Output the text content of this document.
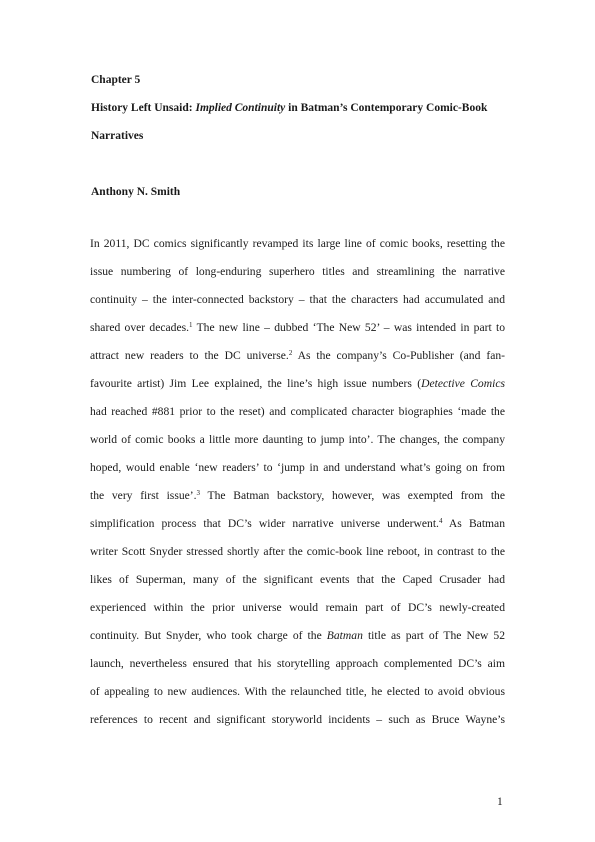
Chapter 5
History Left Unsaid: Implied Continuity in Batman’s Contemporary Comic-Book
Narratives
Anthony N. Smith
In 2011, DC comics significantly revamped its large line of comic books, resetting the
issue numbering of long-enduring superhero titles and streamlining the narrative
continuity – the inter-connected backstory – that the characters had accumulated and
shared over decades.$^1$ The new line – dubbed ‘The New 52’ – was intended in part to
attract new readers to the DC universe.$^2$ As the company’s Co-Publisher (and fan-
favourite artist) Jim Lee explained, the line’s high issue numbers (Detective Comics
had reached #881 prior to the reset) and complicated character biographies ‘made the
world of comic books a little more daunting to jump into’. The changes, the company
hoped, would enable ‘new readers’ to ‘jump in and understand what’s going on from
the very first issue’.$^3$ The Batman backstory, however, was exempted from the
simplification process that DC’s wider narrative universe underwent.$^4$ As Batman
writer Scott Snyder stressed shortly after the comic-book line reboot, in contrast to the
likes of Superman, many of the significant events that the Caped Crusader had
experienced within the prior universe would remain part of DC’s newly-created
continuity. But Snyder, who took charge of the Batman title as part of The New 52
launch, nevertheless ensured that his storytelling approach complemented DC’s aim
of appealing to new audiences. With the relaunched title, he elected to avoid obvious
references to recent and significant storyworld incidents – such as Bruce Wayne’s
1
